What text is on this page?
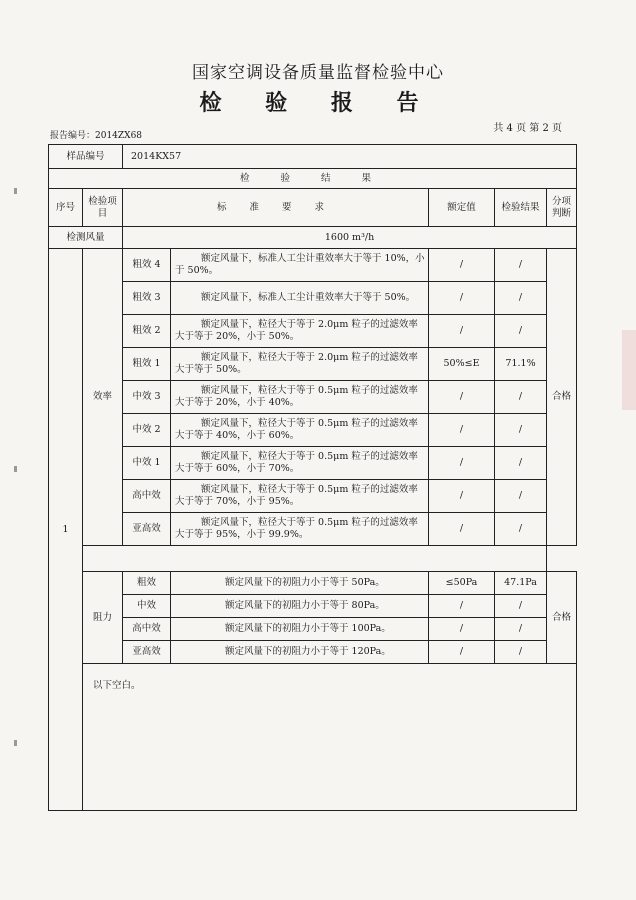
国家空调设备质量监督检验中心
检 验 报 告
共 4 页 第 2 页
报告编号：2014ZX68
样品编号		2014KX57				
检 验 结 果						
序号	检验项目	标 准 要 求		额定值	检验结果	分项判断
检测风量		1600 m³/h				
1	效率	粗效 4	额定风量下，标准人工尘计重效率大于等于 10%，小于 50%。	/	/	合格
		粗效 3	额定风量下，标准人工尘计重效率大于等于 50%。	/	/	
		粗效 2	额定风量下，粒径大于等于 2.0μm 粒子的过滤效率大于等于 20%，小于 50%。	/	/	
		粗效 1	额定风量下，粒径大于等于 2.0μm 粒子的过滤效率大于等于 50%。	50%≤E	71.1%	
		中效 3	额定风量下，粒径大于等于 0.5μm 粒子的过滤效率大于等于 20%，小于 40%。	/	/	
		中效 2	额定风量下，粒径大于等于 0.5μm 粒子的过滤效率大于等于 40%，小于 60%。	/	/	
		中效 1	额定风量下，粒径大于等于 0.5μm 粒子的过滤效率大于等于 60%，小于 70%。	/	/	
		高中效	额定风量下，粒径大于等于 0.5μm 粒子的过滤效率大于等于 70%，小于 95%。	/	/	
		亚高效	额定风量下，粒径大于等于 0.5μm 粒子的过滤效率大于等于 95%，小于 99.9%。	/	/	

	阻力	粗效	额定风量下的初阻力小于等于 50Pa。	≤50Pa	47.1Pa	合格
		中效	额定风量下的初阻力小于等于 80Pa。	/	/	
		高中效	额定风量下的初阻力小于等于 100Pa。	/	/	
		亚高效	额定风量下的初阻力小于等于 120Pa。	/	/	
	以下空白。					
